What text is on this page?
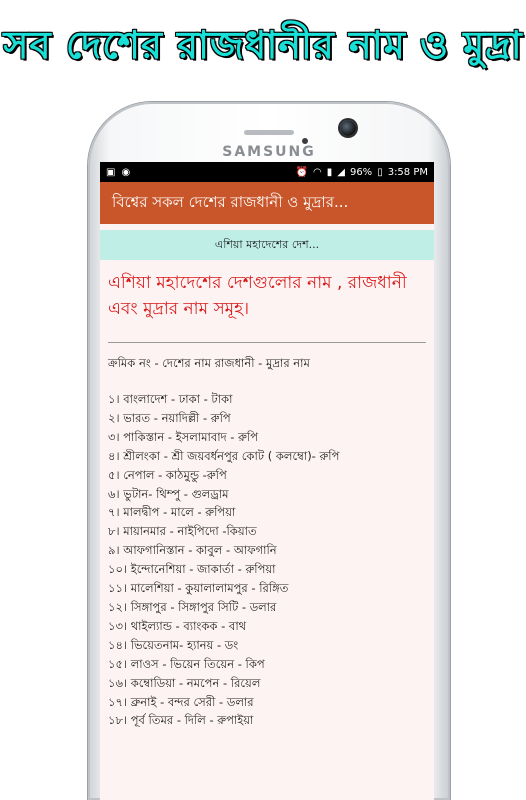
সব দেশের রাজধানীর নাম ও মুদ্রা
SAMSUNG
▣ ◉	⏰ ◠ ▮ ◢ 96% ▯ 3:58 PM
বিশ্বের সকল দেশের রাজধানী ও মুদ্রার...
এশিয়া মহাদেশের দেশ...
এশিয়া মহাদেশের দেশগুলোর নাম , রাজধানী এবং মুদ্রার নাম সমূহ।
ক্রমিক নং - দেশের নাম রাজধানী - মুদ্রার নাম
১। বাংলাদেশ - ঢাকা - টাকা
২। ভারত - নয়াদিল্লী - রুপি
৩। পাকিস্তান - ইসলামাবাদ - রুপি
৪। শ্রীলংকা - শ্রী জয়বর্ধনপুর কোট ( কলম্বো)- রুপি
৫। নেপাল - কাঠমুন্ডু -রুপি
৬। ভুটান- থিম্পু - গুলড্রাম
৭। মালদ্বীপ - মালে - রুপিয়া
৮। মায়ানমার - নাইপিদো -কিয়াত
৯। আফগানিস্তান - কাবুল - আফগানি
১০। ইন্দোনেশিয়া - জাকার্তা - রুপিয়া
১১। মালেশিয়া - কুয়ালালামপুর - রিঙ্গিত
১২। সিঙ্গাপুর - সিঙ্গাপুর সিটি - ডলার
১৩। থাইল্যান্ড - ব্যাংকক - বাথ
১৪। ভিয়েতনাম- হ্যানয় - ডং
১৫। লাওস - ভিয়েন তিয়েন - কিপ
১৬। কম্বোডিয়া - নমপেন - রিয়েল
১৭। ব্রুনাই - বন্দর সেরী - ডলার
১৮। পূর্ব তিমর - দিলি - রুপাইয়া
